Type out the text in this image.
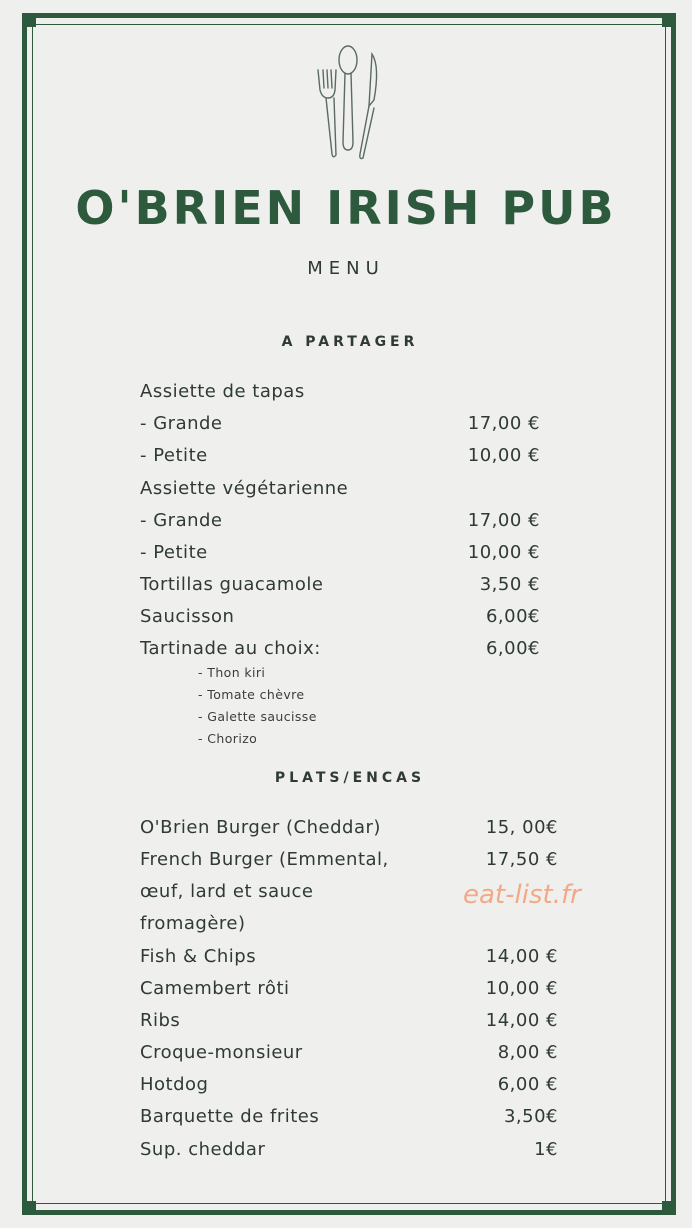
O'BRIEN IRISH PUB
MENU
A PARTAGER
Assiette de tapas
- Grande	17,00 €
- Petite	10,00 €
Assiette végétarienne
- Grande	17,00 €
- Petite	10,00 €
Tortillas guacamole	3,50 €
Saucisson	6,00€
Tartinade au choix:	6,00€
- Thon kiri
- Tomate chèvre
- Galette saucisse
- Chorizo
PLATS/ENCAS
O'Brien Burger (Cheddar)	15, 00€
French Burger (Emmental,	17,50 €
œuf, lard et sauce
fromagère)
Fish & Chips	14,00 €
Camembert rôti	10,00 €
Ribs	14,00 €
Croque-monsieur	8,00 €
Hotdog	6,00 €
Barquette de frites	3,50€
Sup. cheddar	1€
eat-list.fr
